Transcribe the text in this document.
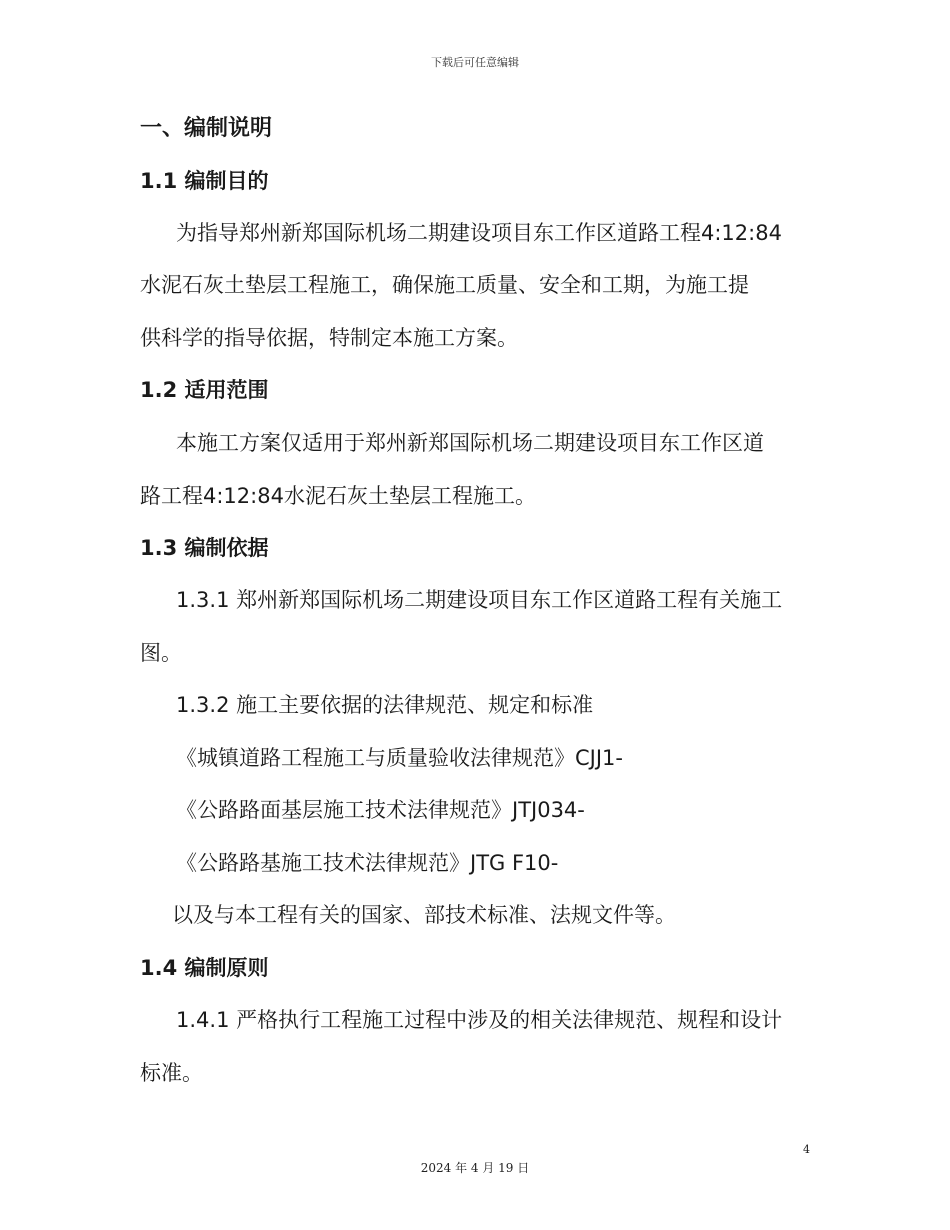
下载后可任意编辑
一、编制说明
1.1 编制目的
为指导郑州新郑国际机场二期建设项目东工作区道路工程4:12:84
水泥石灰土垫层工程施工，确保施工质量、安全和工期，为施工提
供科学的指导依据，特制定本施工方案。
1.2 适用范围
本施工方案仅适用于郑州新郑国际机场二期建设项目东工作区道
路工程4:12:84水泥石灰土垫层工程施工。
1.3 编制依据
1.3.1 郑州新郑国际机场二期建设项目东工作区道路工程有关施工
图。
1.3.2 施工主要依据的法律规范、规定和标准
《城镇道路工程施工与质量验收法律规范》CJJ1-
《公路路面基层施工技术法律规范》JTJ034-
《公路路基施工技术法律规范》JTG F10-
以及与本工程有关的国家、部技术标准、法规文件等。
1.4 编制原则
1.4.1 严格执行工程施工过程中涉及的相关法律规范、规程和设计
标准。
4
2024 年 4 月 19 日
